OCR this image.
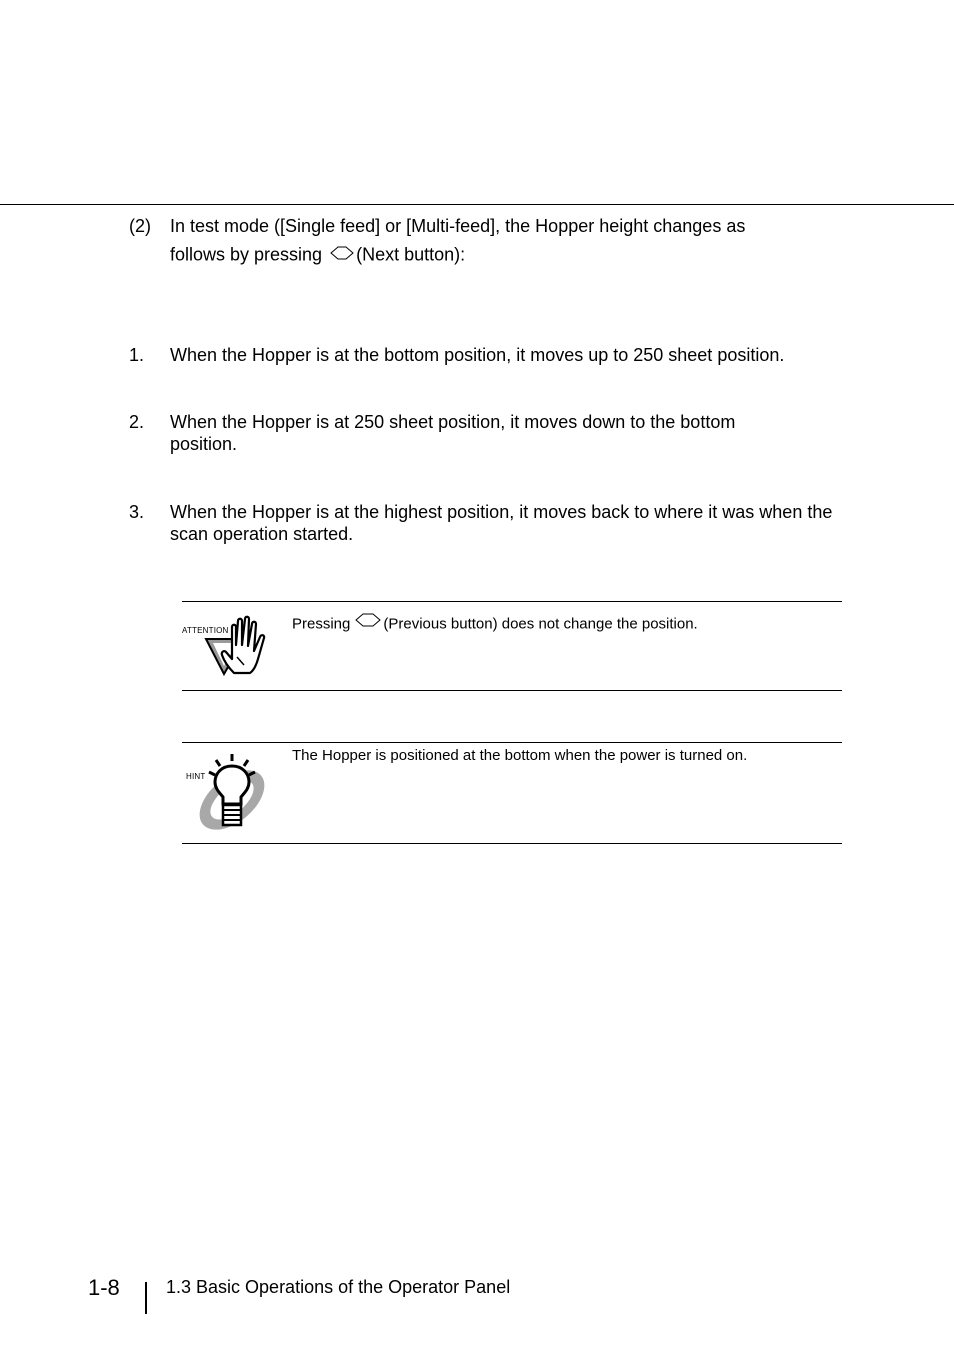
(2) In test mode ([Single feed] or [Multi-feed], the Hopper height changes as
follows by pressing (Next button):
1. When the Hopper is at the bottom position, it moves up to 250 sheet position.
2. When the Hopper is at 250 sheet position, it moves down to the bottom position.
3. When the Hopper is at the highest position, it moves back to where it was when the scan operation started.
ATTENTION	Pressing (Previous button) does not change the position.
HINT
The Hopper is positioned at the bottom when the power is turned on.
1-8	1.3 Basic Operations of the Operator Panel
